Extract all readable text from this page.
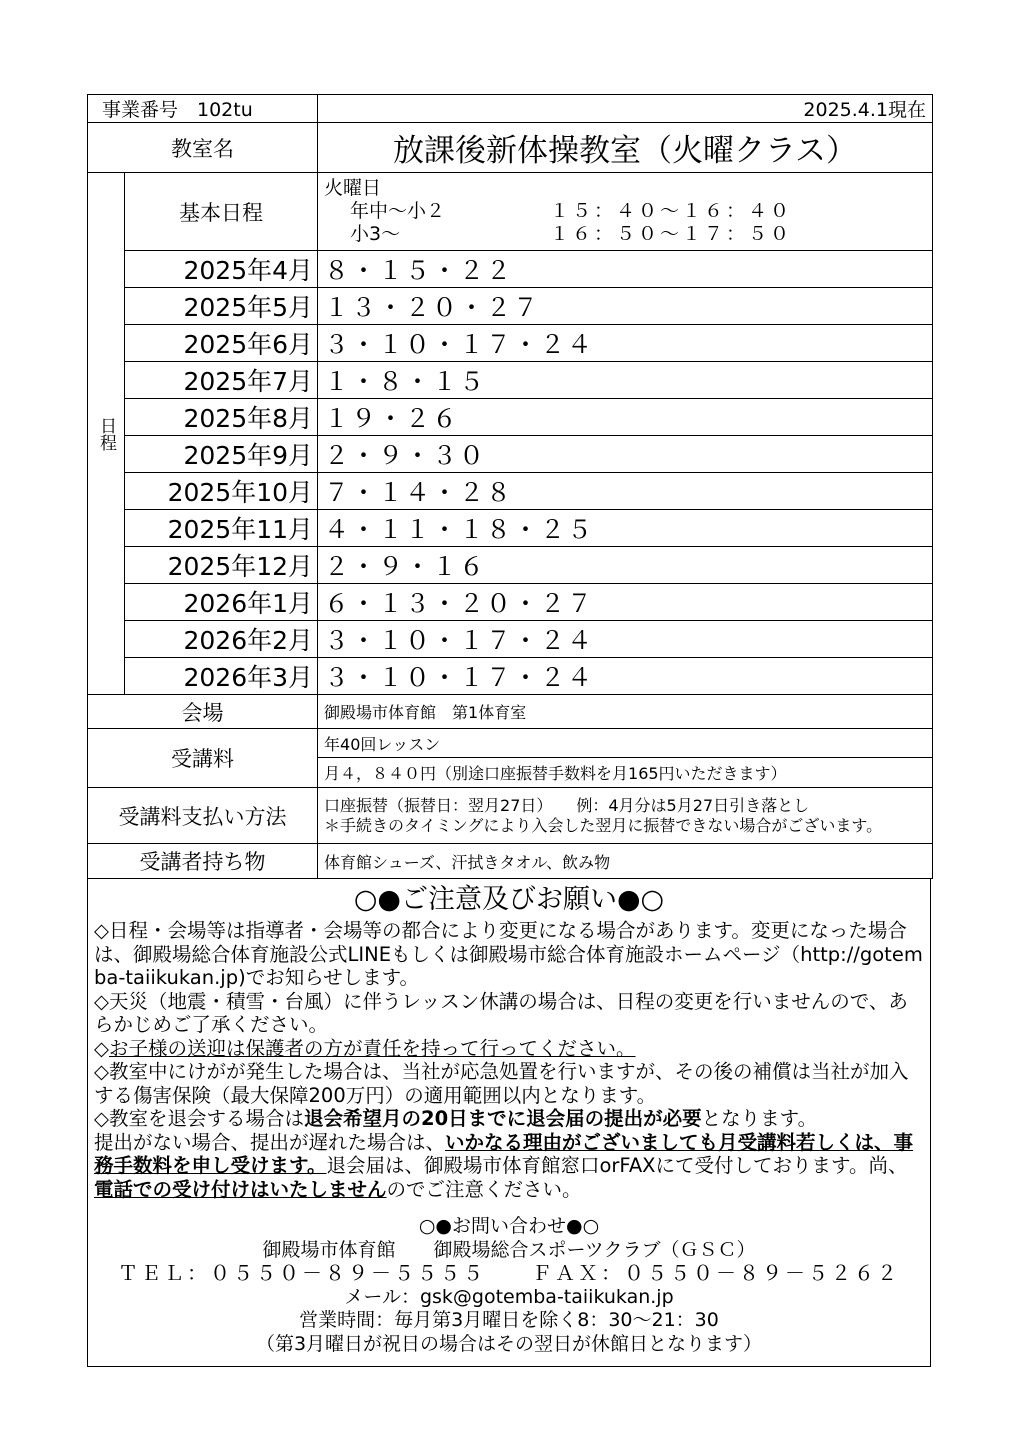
事業番号　102tu		2025.4.1現在
教室名		放課後新体操教室（火曜クラス）

日程	基本日程	火曜日
年中～小２ １５：４０～１６：４０
小3～ １６：５０～１７：５０

	2025年4月	８・１５・２２
	2025年5月	１３・２０・２７
	2025年6月	３・１０・１７・２４
	2025年7月	１・８・１５
	2025年8月	１９・２６
	2025年9月	２・９・３０
	2025年10月	７・１４・２８
	2025年11月	４・１１・１８・２５
	2025年12月	２・９・１６
	2026年1月	６・１３・２０・２７
	2026年2月	３・１０・１７・２４
	2026年3月	３・１０・１７・２４
会場		御殿場市体育館　第1体育室
受講料		年40回レッスン
		月４，８４０円（別途口座振替手数料を月165円いただきます）
受講料支払い方法		口座振替（振替日：翌月27日）　　例：4月分は5月27日引き落とし
＊手続きのタイミングにより入会した翌月に振替できない場合がございます。

受講者持ち物		体育館シューズ、汗拭きタオル、飲み物
○●ご注意及びお願い●○

◇日程・会場等は指導者・会場等の都合により変更になる場合があります。変更になった場合は、御殿場総合体育施設公式LINEもしくは御殿場市総合体育施設ホームページ（http://gotemba-taiikukan.jp)でお知らせします。

◇天災（地震・積雪・台風）に伴うレッスン休講の場合は、日程の変更を行いませんので、あらかじめご了承ください。

◇お子様の送迎は保護者の方が責任を持って行ってください。

◇教室中にけがが発生した場合は、当社が応急処置を行いますが、その後の補償は当社が加入する傷害保険（最大保障200万円）の適用範囲以内となります。

◇教室を退会する場合は退会希望月の20日までに退会届の提出が必要となります。

提出がない場合、提出が遅れた場合は、いかなる理由がございましても月受講料若しくは、事務手数料を申し受けます。退会届は、御殿場市体育館窓口orFAXにて受付しております。尚、電話での受け付けはいたしませんのでご注意ください。

○●お問い合わせ●○
御殿場市体育館　　御殿場総合スポーツクラブ（ＧＳＣ）
ＴＥＬ：０５５０－８９－５５５５　　ＦＡＸ：０５５０－８９－５２６２
メール：gsk@gotemba-taiikukan.jp
営業時間：毎月第3月曜日を除く8：30～21：30
（第3月曜日が祝日の場合はその翌日が休館日となります）
